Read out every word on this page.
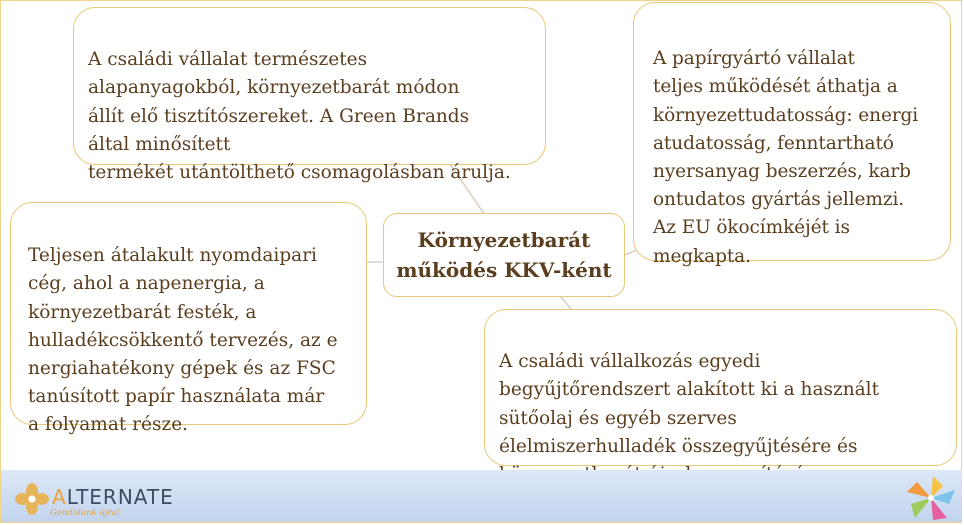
A családi vállalat természetes
alapanyagokból, környezetbarát módon
állít elő tisztítószereket. A Green Brands
által minősített
termékét utántölthető csomagolásban árulja.

A papírgyártó vállalat
teljes működését áthatja a
környezettudatosság: energi
atudatosság, fenntartható
nyersanyag beszerzés, karb
ontudatos gyártás jellemzi.
Az EU ökocímkéjét is
megkapta.

Teljesen átalakult nyomdaipari
cég, ahol a napenergia, a
környezetbarát festék, a
hulladékcsökkentő tervezés, az e
nergiahatékony gépek és az FSC
tanúsított papír használata már
a folyamat része.

A családi vállalkozás egyedi
begyűjtőrendszert alakított ki a használt
sütőolaj és egyéb szerves
élelmiszerhulladék összegyűjtésére és

Környezetbarát
működés KKV-ként
ALTERNATE
Gondolunk újra!
